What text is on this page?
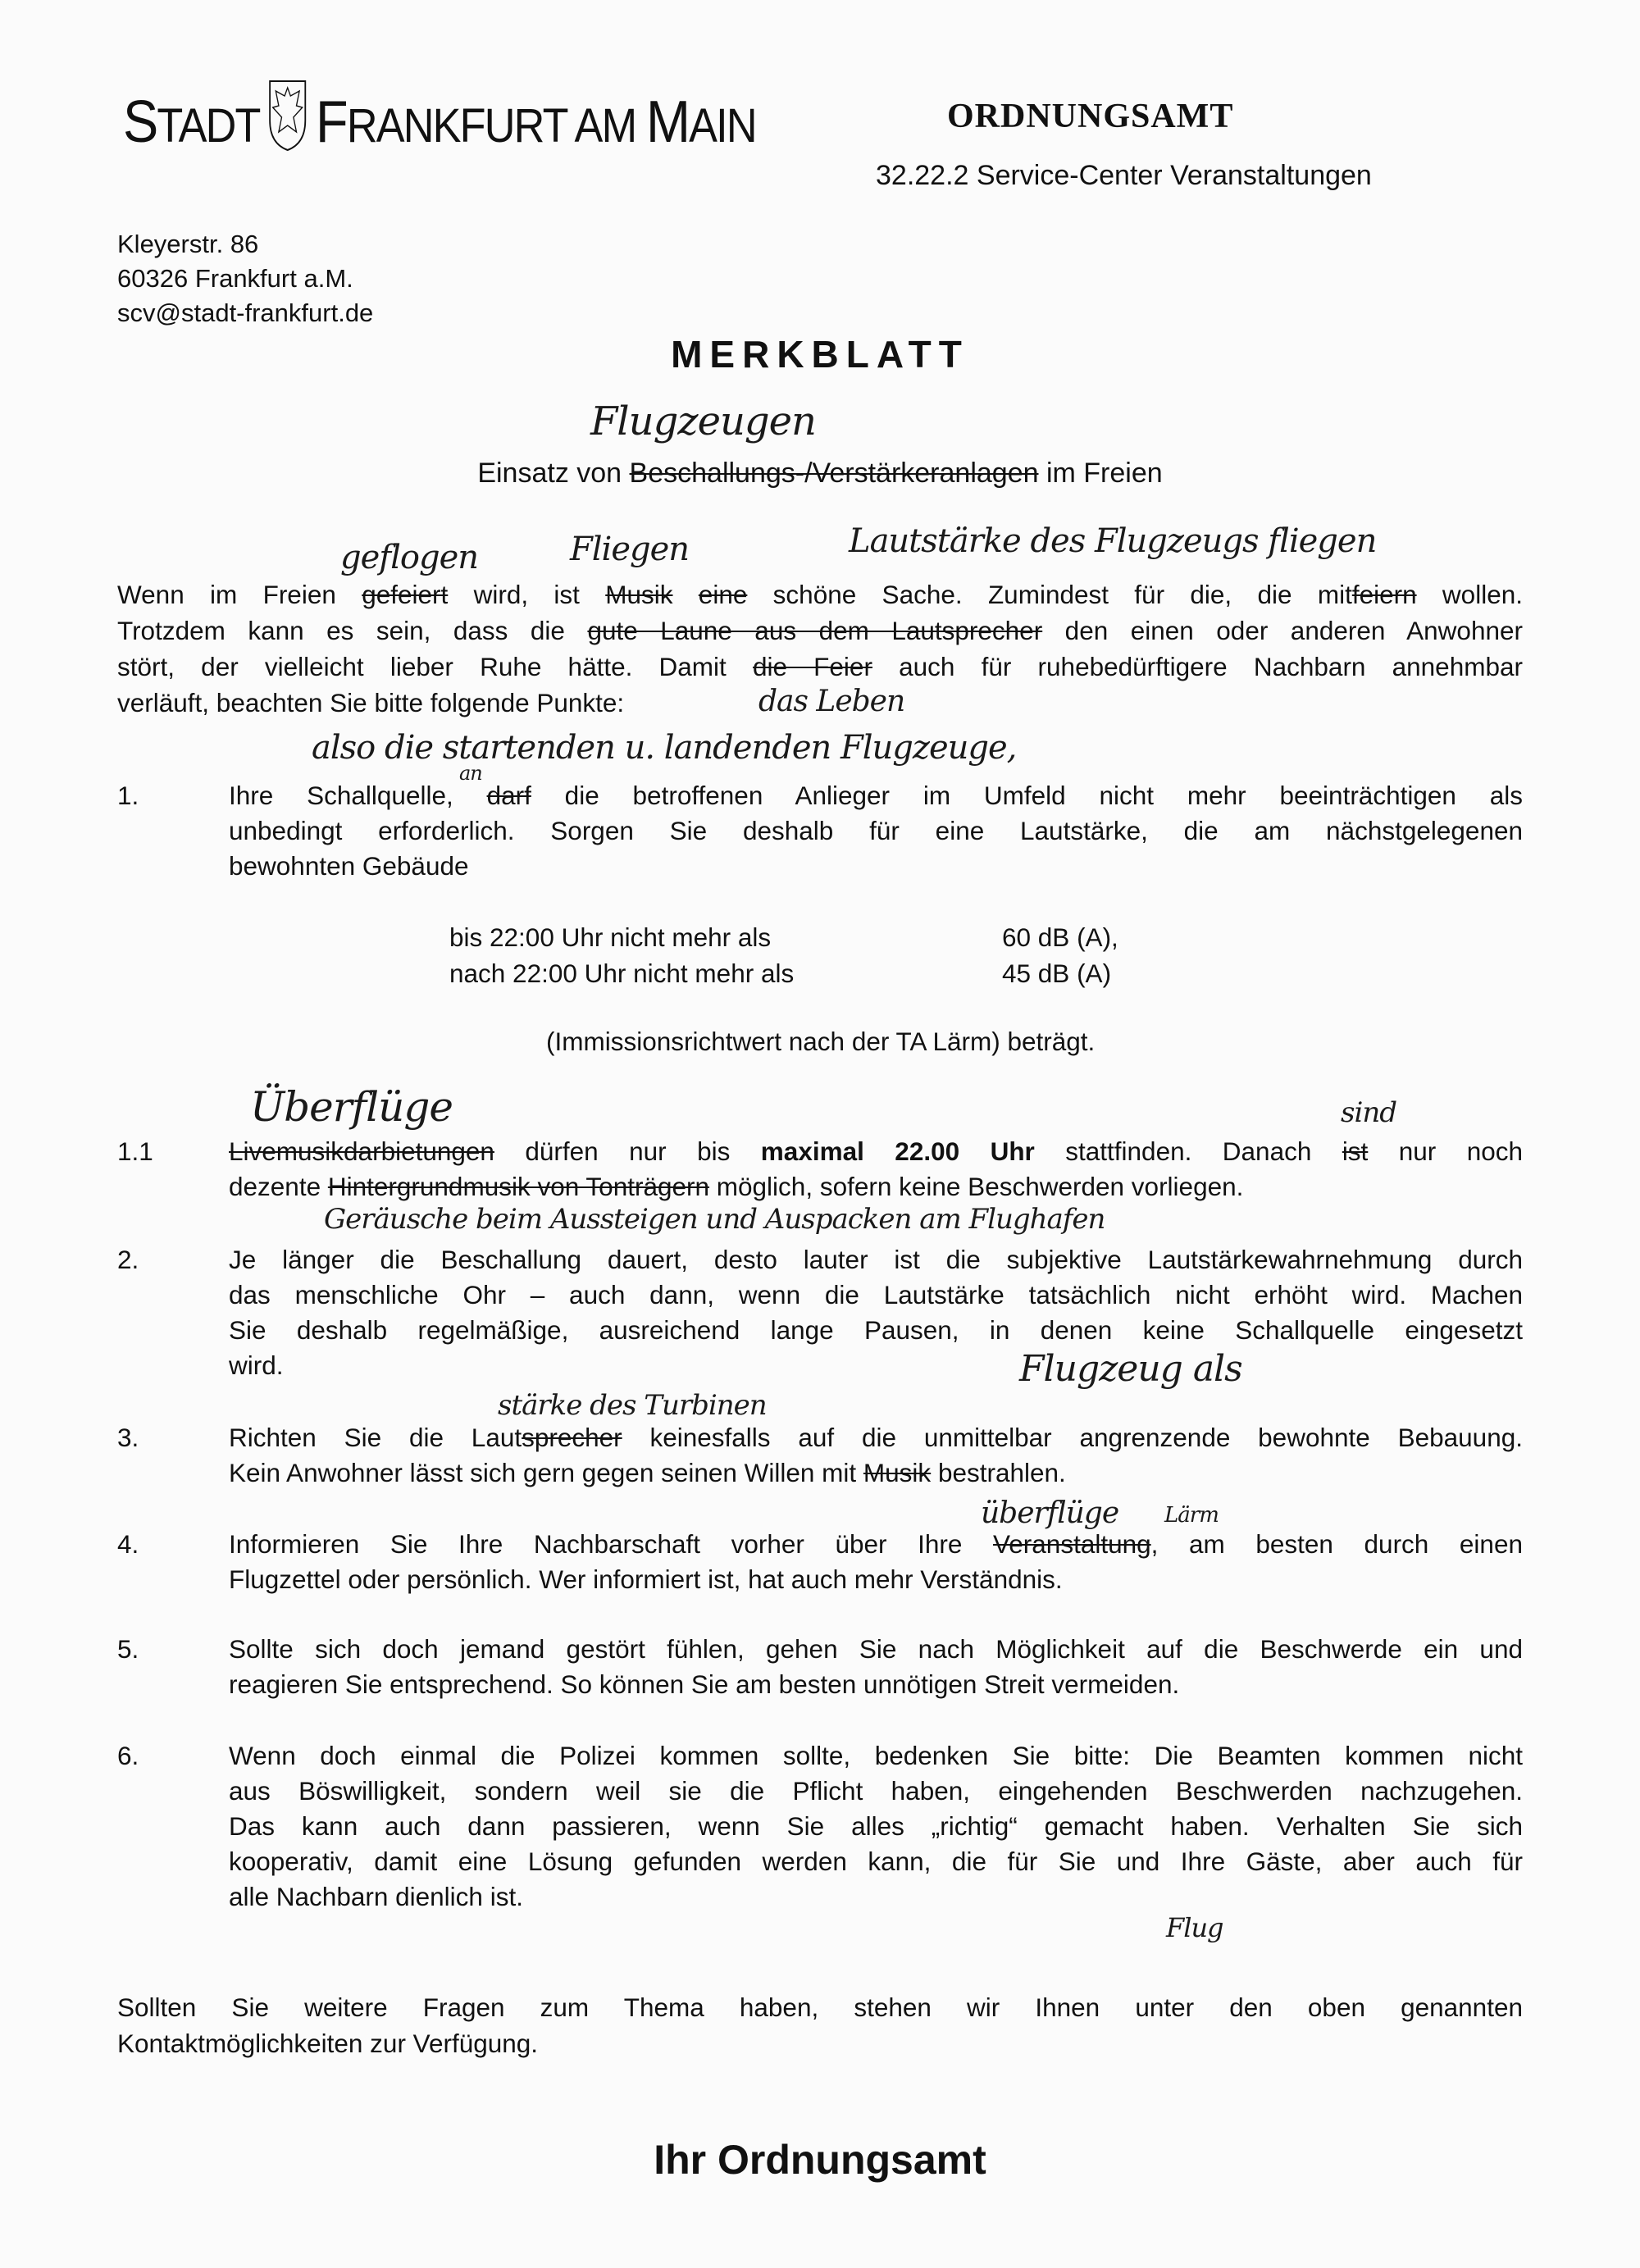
STADT FRANKFURT AM MAIN	ORDNUNGSAMT
32.22.2 Service-Center Veranstaltungen
Kleyerstr. 86
60326 Frankfurt a.M.
scv@stadt-frankfurt.de
MERKBLATT
Einsatz von Beschallungs-/Verstärkeranlagen im Freien
Wenn im Freien gefeiert wird, ist Musik eine schöne Sache. Zumindest für die, die mitfeiern wollen.
Trotzdem kann es sein, dass die gute Laune aus dem Lautsprecher den einen oder anderen Anwohner
stört, der vielleicht lieber Ruhe hätte. Damit die Feier auch für ruhebedürftigere Nachbarn annehmbar
verläuft, beachten Sie bitte folgende Punkte:
1.	Ihre Schallquelle, darf die betroffenen Anlieger im Umfeld nicht mehr beeinträchtigen als
unbedingt erforderlich. Sorgen Sie deshalb für eine Lautstärke, die am nächstgelegenen
bewohnten Gebäude
1.1	Livemusikdarbietungen dürfen nur bis maximal 22.00 Uhr stattfinden. Danach ist nur noch
dezente Hintergrundmusik von Tonträgern möglich, sofern keine Beschwerden vorliegen.
2.	Je länger die Beschallung dauert, desto lauter ist die subjektive Lautstärkewahrnehmung durch
das menschliche Ohr – auch dann, wenn die Lautstärke tatsächlich nicht erhöht wird. Machen
Sie deshalb regelmäßige, ausreichend lange Pausen, in denen keine Schallquelle eingesetzt
wird.
3.	Richten Sie die Lautsprecher keinesfalls auf die unmittelbar angrenzende bewohnte Bebauung.
Kein Anwohner lässt sich gern gegen seinen Willen mit Musik bestrahlen.
4.	Informieren Sie Ihre Nachbarschaft vorher über Ihre Veranstaltung, am besten durch einen
Flugzettel oder persönlich. Wer informiert ist, hat auch mehr Verständnis.
5.	Sollte sich doch jemand gestört fühlen, gehen Sie nach Möglichkeit auf die Beschwerde ein und
reagieren Sie entsprechend. So können Sie am besten unnötigen Streit vermeiden.
6.	Wenn doch einmal die Polizei kommen sollte, bedenken Sie bitte: Die Beamten kommen nicht
aus Böswilligkeit, sondern weil sie die Pflicht haben, eingehenden Beschwerden nachzugehen.
Das kann auch dann passieren, wenn Sie alles „richtig“ gemacht haben. Verhalten Sie sich
kooperativ, damit eine Lösung gefunden werden kann, die für Sie und Ihre Gäste, aber auch für
alle Nachbarn dienlich ist.
Sollten Sie weitere Fragen zum Thema haben, stehen wir Ihnen unter den oben genannten
Kontaktmöglichkeiten zur Verfügung.
bis 22:00 Uhr nicht mehr als	60 dB (A),
nach 22:00 Uhr nicht mehr als	45 dB (A)
(Immissionsrichtwert nach der TA Lärm) beträgt.
Ihr Ordnungsamt
Flugzeugen
geflogen	Fliegen	Lautstärke des Flugzeugs fliegen
das Leben
also die startenden u. landenden Flugzeuge,
an
Überflüge	sind
Geräusche beim Aussteigen und Auspacken am Flughafen
Flugzeug als
stärke des Turbinen
überflüge Lärm
Flug
